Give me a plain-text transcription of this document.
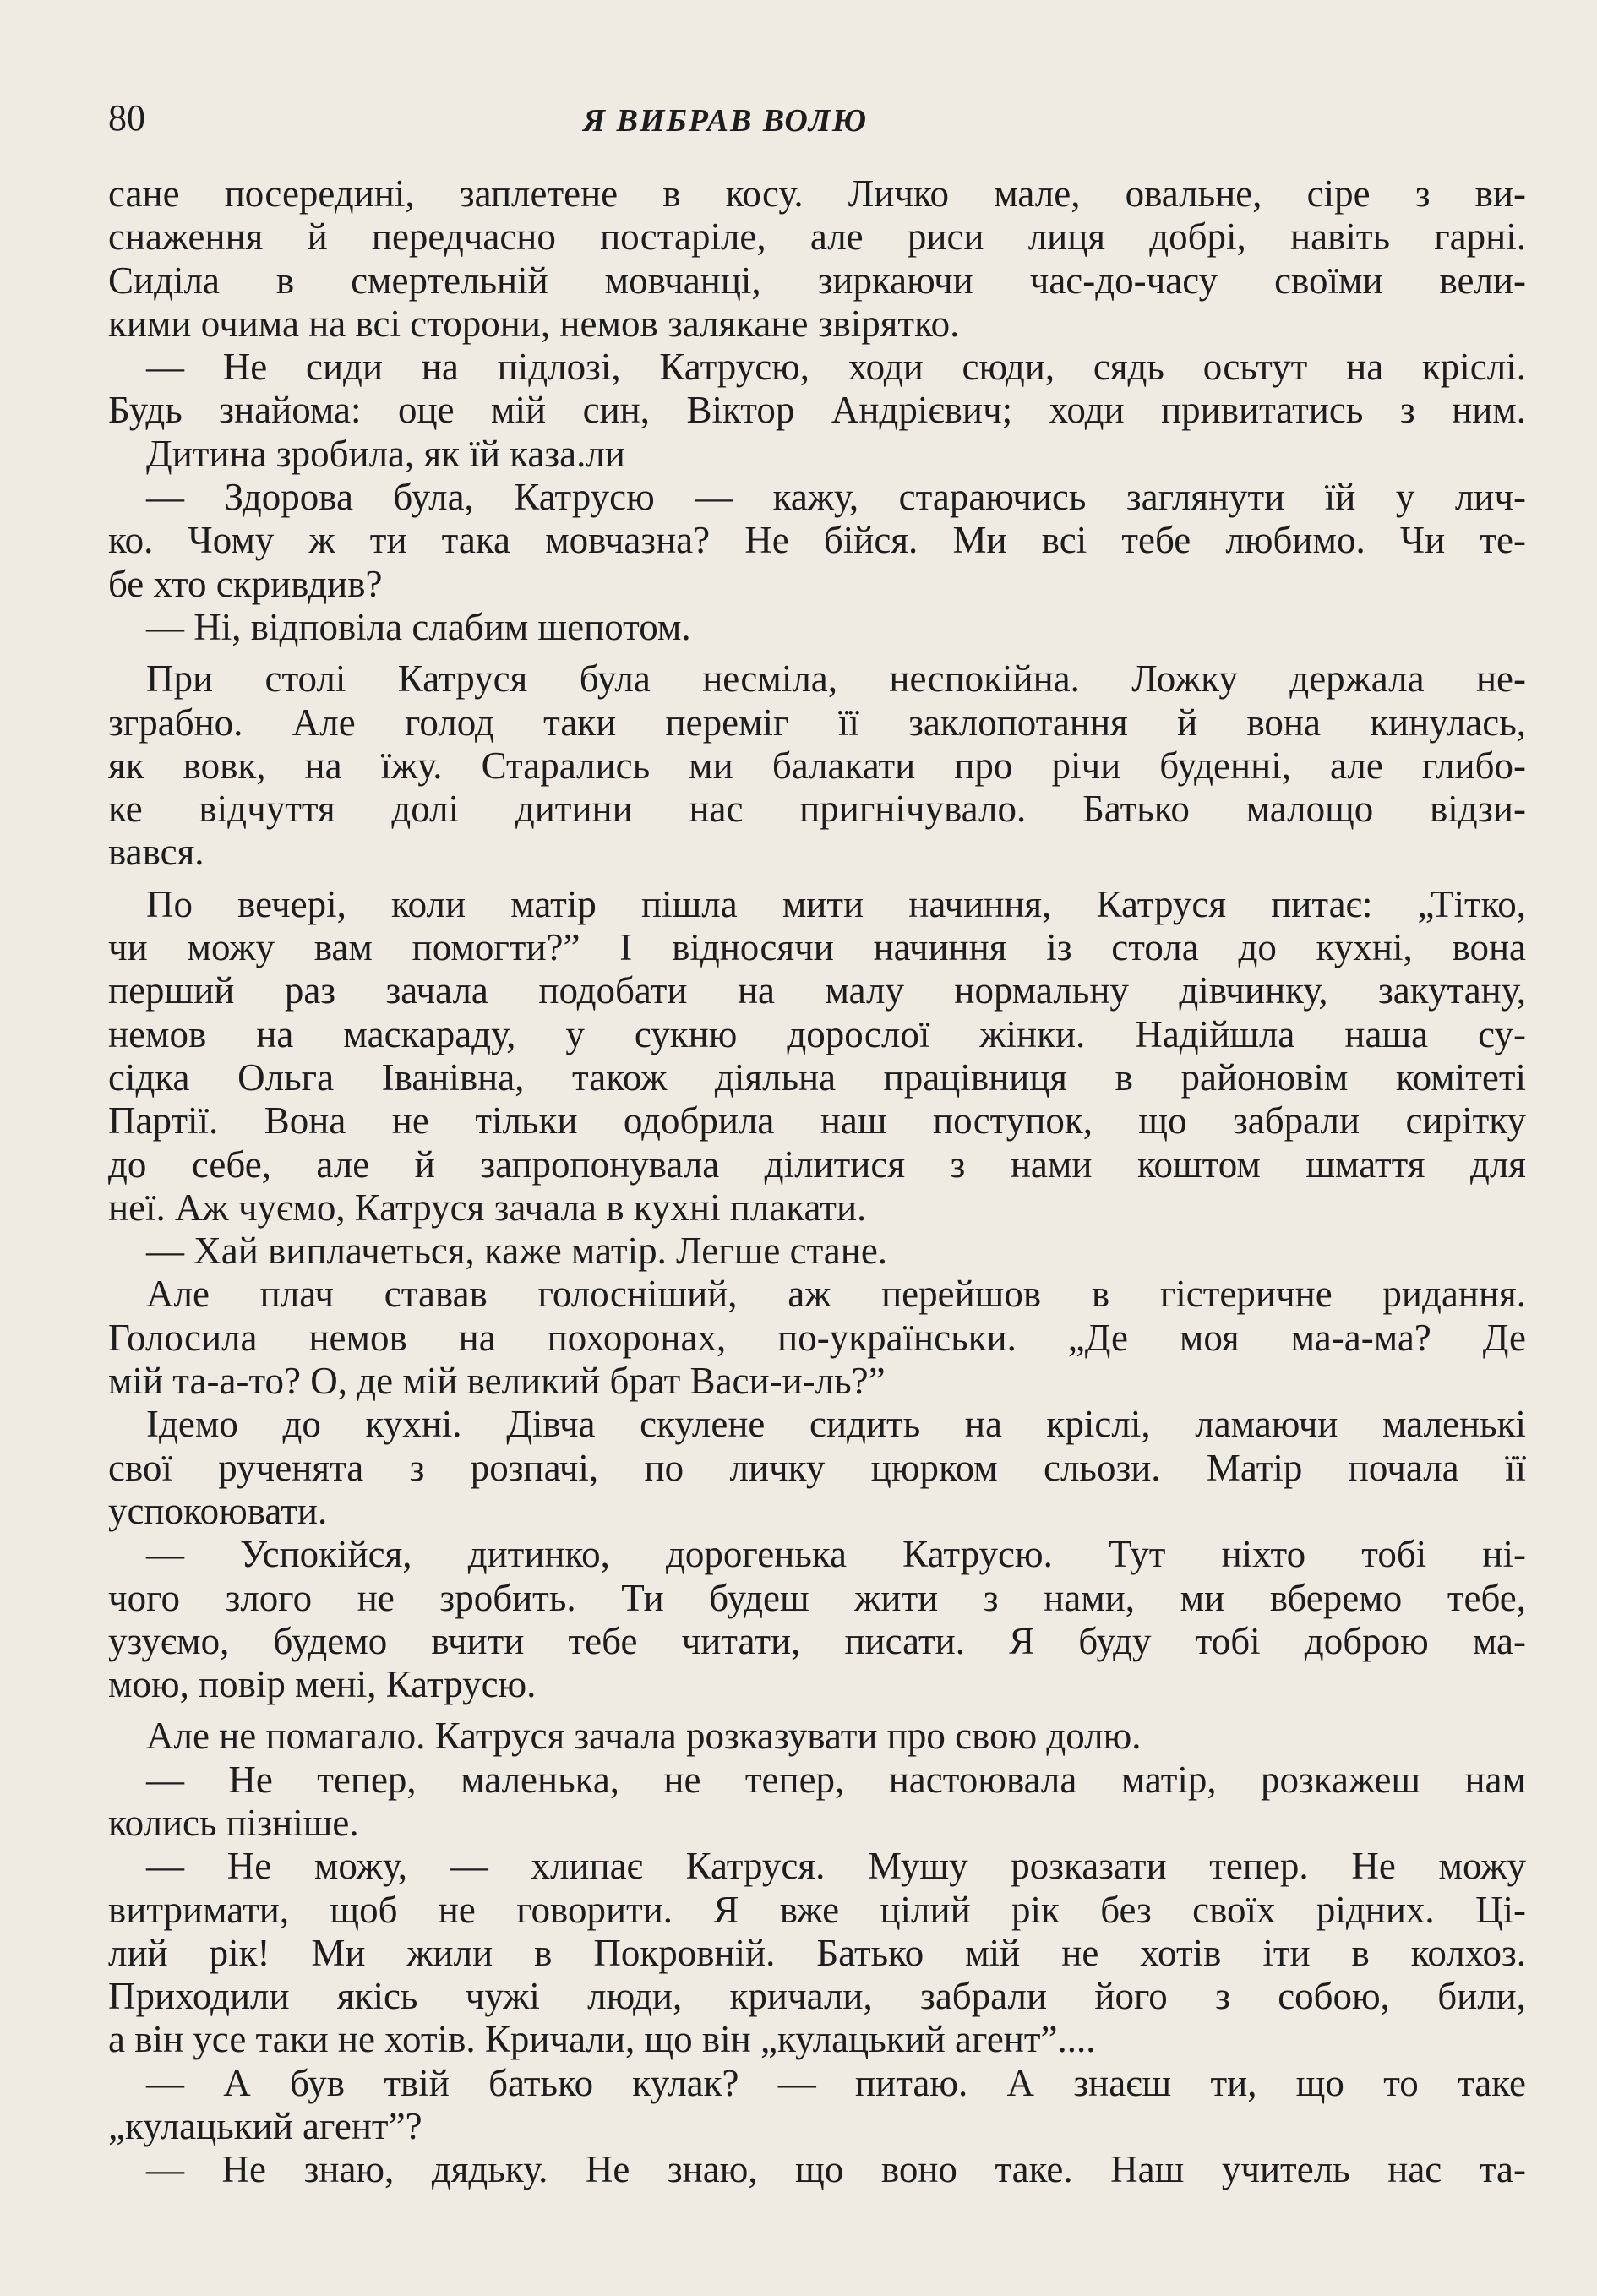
80	Я ВИБРАВ ВОЛЮ
сане посередині, заплетене в косу. Личко мале, овальне, сіре з ви-
снаження й передчасно постаріле, але риси лиця добрі, навіть гарні.
Сиділа в смертельній мовчанці, зиркаючи час-до-часу своїми вели-
кими очима на всі сторони, немов залякане звірятко.
— Не сиди на підлозі, Катрусю, ходи сюди, сядь осьтут на кріслі.
Будь знайома: оце мій син, Віктор Андрієвич; ходи привитатись з ним.
Дитина зробила, як їй каза.ли
— Здорова була, Катрусю — кажу, стараючись заглянути їй у лич-
ко. Чому ж ти така мовчазна? Не бійся. Ми всі тебе любимо. Чи те-
бе хто скривдив?
— Ні, відповіла слабим шепотом.
При столі Катруся була несміла, неспокійна. Ложку держала не-
зграбно. Але голод таки переміг її заклопотання й вона кинулась,
як вовк, на їжу. Старались ми балакати про річи буденні, але глибо-
ке відчуття долі дитини нас пригнічувало. Батько малощо відзи-
вався.
По вечері, коли матір пішла мити начиння, Катруся питає: „Тітко,
чи можу вам помогти?” І відносячи начиння із стола до кухні, вона
перший раз зачала подобати на малу нормальну дівчинку, закутану,
немов на маскараду, у сукню дорослої жінки. Надійшла наша су-
сідка Ольга Іванівна, також діяльна працівниця в районовім комітеті
Партії. Вона не тільки одобрила наш поступок, що забрали сирітку
до себе, але й запропонувала ділитися з нами коштом шмаття для
неї. Аж чуємо, Катруся зачала в кухні плакати.
— Хай виплачеться, каже матір. Легше стане.
Але плач ставав голосніший, аж перейшов в гістеричне ридання.
Голосила немов на похоронах, по-українськи. „Де моя ма-а-ма? Де
мій та-а-то? О, де мій великий брат Васи-и-ль?”
Ідемо до кухні. Дівча скулене сидить на кріслі, ламаючи маленькі
свої рученята з розпачі, по личку цюрком сльози. Матір почала її
успокоювати.
— Успокійся, дитинко, дорогенька Катрусю. Тут ніхто тобі ні-
чого злого не зробить. Ти будеш жити з нами, ми вберемо тебе,
узуємо, будемо вчити тебе читати, писати. Я буду тобі доброю ма-
мою, повір мені, Катрусю.
Але не помагало. Катруся зачала розказувати про свою долю.
— Не тепер, маленька, не тепер, настоювала матір, розкажеш нам
колись пізніше.
— Не можу, — хлипає Катруся. Мушу розказати тепер. Не можу
витримати, щоб не говорити. Я вже цілий рік без своїх рідних. Ці-
лий рік! Ми жили в Покровній. Батько мій не хотів іти в колхоз.
Приходили якісь чужі люди, кричали, забрали його з собою, били,
а він усе таки не хотів. Кричали, що він „кулацький агент”....
— А був твій батько кулак? — питаю. А знаєш ти, що то таке
„кулацький агент”?
— Не знаю, дядьку. Не знаю, що воно таке. Наш учитель нас та-
